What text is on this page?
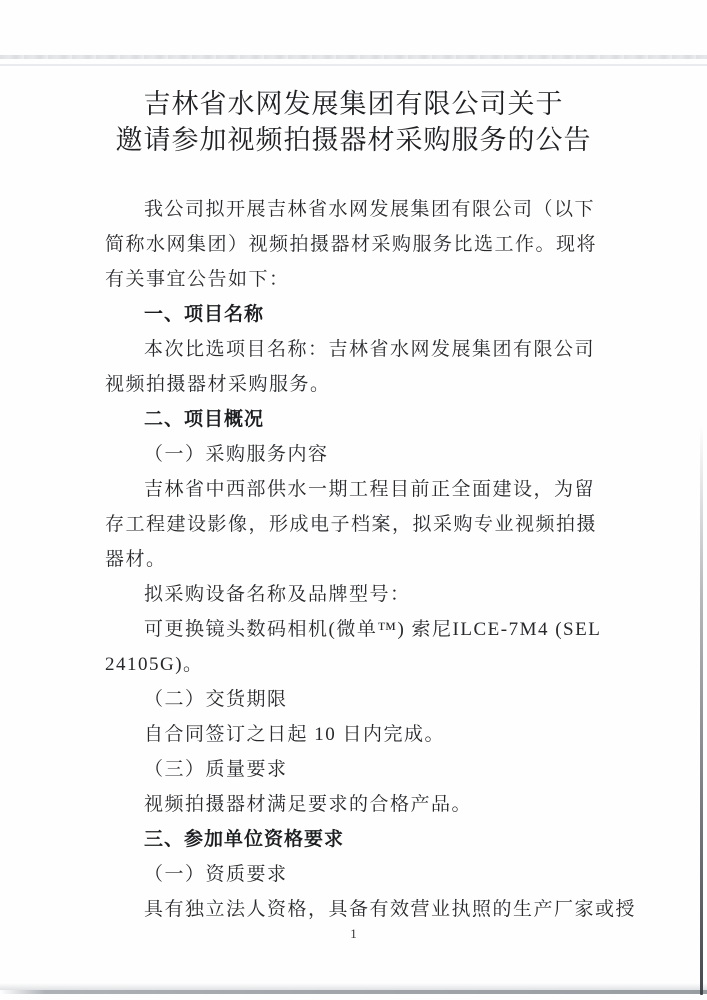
吉林省水网发展集团有限公司关于
邀请参加视频拍摄器材采购服务的公告
我公司拟开展吉林省水网发展集团有限公司（以下
简称水网集团）视频拍摄器材采购服务比选工作。现将
有关事宜公告如下：
一、项目名称
本次比选项目名称：吉林省水网发展集团有限公司
视频拍摄器材采购服务。
二、项目概况
（一）采购服务内容
吉林省中西部供水一期工程目前正全面建设，为留
存工程建设影像，形成电子档案，拟采购专业视频拍摄
器材。
拟采购设备名称及品牌型号：
可更换镜头数码相机(微单™) 索尼ILCE-7M4 (SEL
24105G)。
（二）交货期限
自合同签订之日起 10 日内完成。
（三）质量要求
视频拍摄器材满足要求的合格产品。
三、参加单位资格要求
（一）资质要求
具有独立法人资格，具备有效营业执照的生产厂家或授
1
